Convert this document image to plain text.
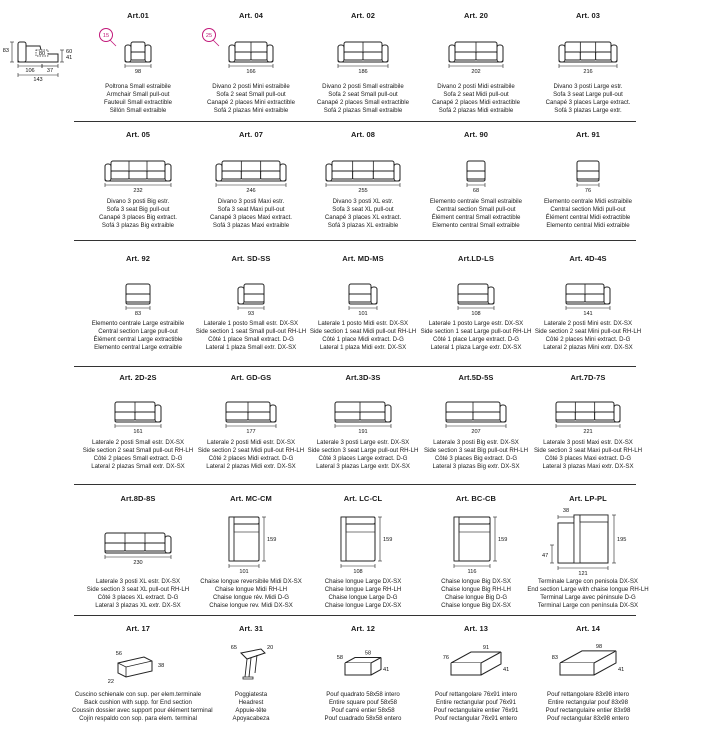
Art.01
98
83	60
41
80
106 37
143
15
Poltrona Small estraibile
Armchair Small pull-out
Fauteuil Small extractible
Sillón Small extraible
Art. 04
166
25
Divano 2 posti Mini estraibile
Sofa 2 seat Small pull-out
Canapé 2 places Mini extractible
Sofá 2 plazas Mini extraible
Art. 02
186
Divano 2 posti Small estraibile
Sofa 2 seat Small pull-out
Canapé 2 places Small extractible
Sofá 2 plazas Small extraible
Art. 20
202
Divano 2 posti Midi estraibile
Sofa 2 seat Midi pull-out
Canapé 2 places Midi extractible
Sofá 2 plazas Midi extraible
Art. 03
216
Divano 3 posti Large estr.
Sofa 3 seat Large pull-out
Canapé 3 places Large extract.
Sofá 3 plazas Large extr.
Art. 05
232
Divano 3 posti Big estr.
Sofa 3 seat Big pull-out
Canapé 3 places Big extract.
Sofá 3 plazas Big extraible
Art. 07
246
Divano 3 posti Maxi estr.
Sofa 3 seat Maxi pull-out
Canapé 3 places Maxi extract.
Sofá 3 plazas Maxi extraible
Art. 08
255
Divano 3 posti XL estr.
Sofa 3 seat XL pull-out
Canapé 3 places XL extract.
Sofá 3 plazas XL extraible
Art. 90
68
Elemento centrale Small estraibile
Central section Small pull-out
Élément central Small extractible
Elemento central Small extraible
Art. 91
76
Elemento centrale Midi estraibile
Central section Midi pull-out
Élément central Midi extractible
Elemento central Midi extraible
Art. 92
83
Elemento centrale Large estraibile
Central section Large pull-out
Élément central Large extractible
Elemento central Large extraible
Art. SD-SS
93
Laterale 1 posto Small estr. DX-SX
Side section 1 seat Small pull-out RH-LH
Côté 1 place Small extract. D-G
Lateral 1 plaza Small extr. DX-SX
Art. MD-MS
101
Laterale 1 posto Midi estr. DX-SX
Side section 1 seat Midi pull-out RH-LH
Côté 1 place Midi extract. D-G
Lateral 1 plaza Midi extr. DX-SX
Art.LD-LS
108
Laterale 1 posto Large estr. DX-SX
Side section 1 seat Large pull-out RH-LH
Côté 1 place Large extract. D-G
Lateral 1 plaza Large extr. DX-SX
Art. 4D-4S
141
Laterale 2 posti Mini estr. DX-SX
Side section 2 seat Mini pull-out RH-LH
Côté 2 places Mini extract. D-G
Lateral 2 plazas Mini extr. DX-SX
Art. 2D-2S
161
Laterale 2 posti Small estr. DX-SX
Side section 2 seat Small pull-out RH-LH
Côté 2 places Small extract. D-G
Lateral 2 plazas Small extr. DX-SX
Art. GD-GS
177
Laterale 2 posti Midi estr. DX-SX
Side section 2 seat Midi pull-out RH-LH
Côté 2 places Midi extract. D-G
Lateral 2 plazas Midi extr. DX-SX
Art.3D-3S
191
Laterale 3 posti Large estr. DX-SX
Side section 3 seat Large pull-out RH-LH
Côté 3 places Large extract. D-G
Lateral 3 plazas Large extr. DX-SX
Art.5D-5S
207
Laterale 3 posti Big estr. DX-SX
Side section 3 seat Big pull-out RH-LH
Côté 3 places Big extract. D-G
Lateral 3 plazas Big extr. DX-SX
Art.7D-7S
221
Laterale 3 posti Maxi estr. DX-SX
Side section 3 seat Maxi pull-out RH-LH
Côté 3 places Maxi extract. D-G
Lateral 3 plazas Maxi extr. DX-SX
Art.8D-8S
230
Laterale 3 posti XL estr. DX-SX
Side section 3 seat XL pull-out RH-LH
Côté 3 places XL extract. D-G
Lateral 3 plazas XL extr. DX-SX
Art. MC-CM
159
101
Chaise longue reversibile Midi DX-SX
Chaise longue Midi RH-LH
Chaise longue rév. Midi D-G
Chaise longue rev. Midi DX-SX
Art. LC-CL
159
108
Chaise longue Large DX-SX
Chaise longue Large RH-LH
Chaise longue Large D-G
Chaise longue Large DX-SX
Art. BC-CB
159
116
Chaise longue Big DX-SX
Chaise longue Big RH-LH
Chaise longue Big D-G
Chaise longue Big DX-SX
Art. LP-PL
38
195
47
121
Terminale Large con penisola DX-SX
End section Large with chaise longue RH-LH
Terminal Large avec péninsule D-G
Terminal Large con península DX-SX
Art. 17
56
38
22
Cuscino schienale con sup. per elem.terminale
Back cushion with supp. for End section
Coussin dossier avec support pour élément terminal
Cojín respaldo con sop. para elem. terminal
Art. 31
65	20
Poggiatesta
Headrest
Appuie-tête
Apoyacabeza
Art. 12
58
58
41
Pouf quadrato 58x58 intero
Entire square pouf 58x58
Pouf carré entier 58x58
Pouf cuadrado 58x58 entero
Art. 13
76
91
41
Pouf rettangolare 76x91 intero
Entire rectangular pouf 76x91
Pouf rectangulaire entier 76x91
Pouf rectangular 76x91 entero
Art. 14
83
98
41
Pouf rettangolare 83x98 intero
Entire rectangular pouf 83x98
Pouf rectangulaire entier 83x98
Pouf rectangular 83x98 entero
